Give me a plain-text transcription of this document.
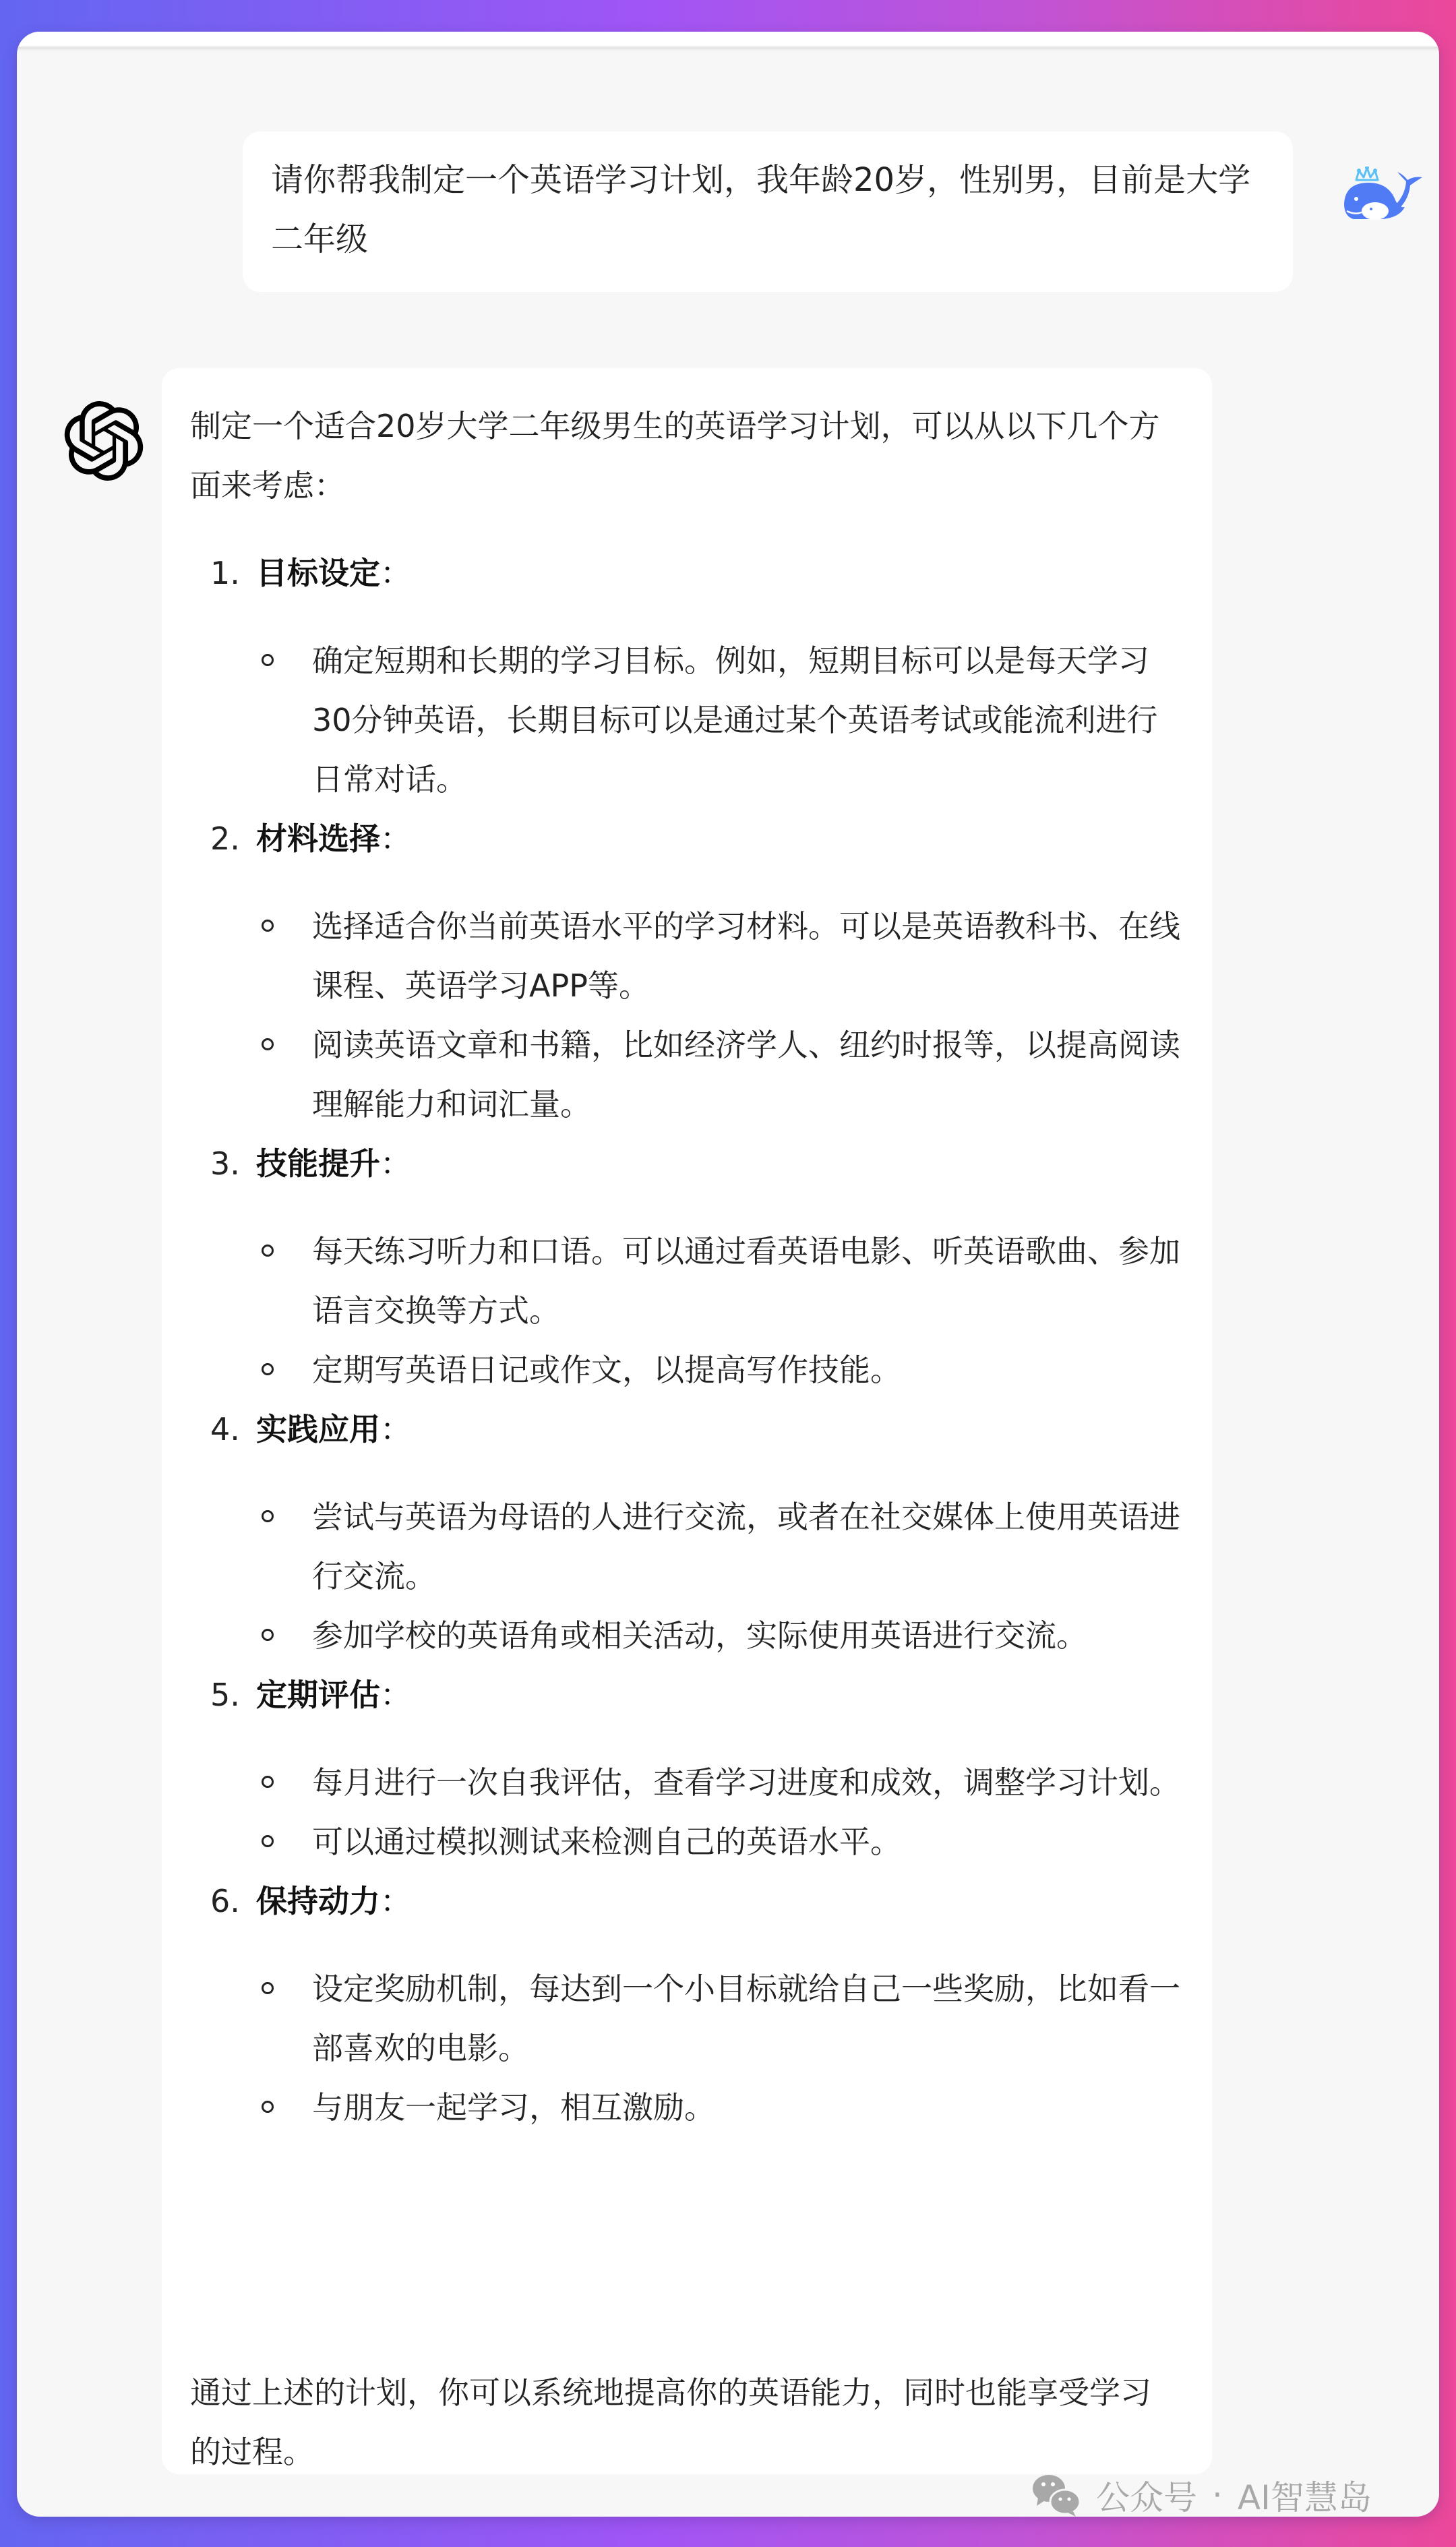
请你帮我制定一个英语学习计划，我年龄20岁，性别男，目前是大学二年级

制定一个适合20岁大学二年级男生的英语学习计划，可以从以下几个方面来考虑：

1. 目标设定：
确定短期和长期的学习目标。例如，短期目标可以是每天学习30分钟英语，长期目标可以是通过某个英语考试或能流利进行日常对话。
2. 材料选择：
选择适合你当前英语水平的学习材料。可以是英语教科书、在线课程、英语学习APP等。
阅读英语文章和书籍，比如经济学人、纽约时报等，以提高阅读理解能力和词汇量。
3. 技能提升：
每天练习听力和口语。可以通过看英语电影、听英语歌曲、参加语言交换等方式。
定期写英语日记或作文，以提高写作技能。
4. 实践应用：
尝试与英语为母语的人进行交流，或者在社交媒体上使用英语进行交流。
参加学校的英语角或相关活动，实际使用英语进行交流。
5. 定期评估：
每月进行一次自我评估，查看学习进度和成效，调整学习计划。
可以通过模拟测试来检测自己的英语水平。
6. 保持动力：
设定奖励机制，每达到一个小目标就给自己一些奖励，比如看一部喜欢的电影。
与朋友一起学习，相互激励。

通过上述的计划，你可以系统地提高你的英语能力，同时也能享受学习的过程。

公众号 · AI智慧岛
